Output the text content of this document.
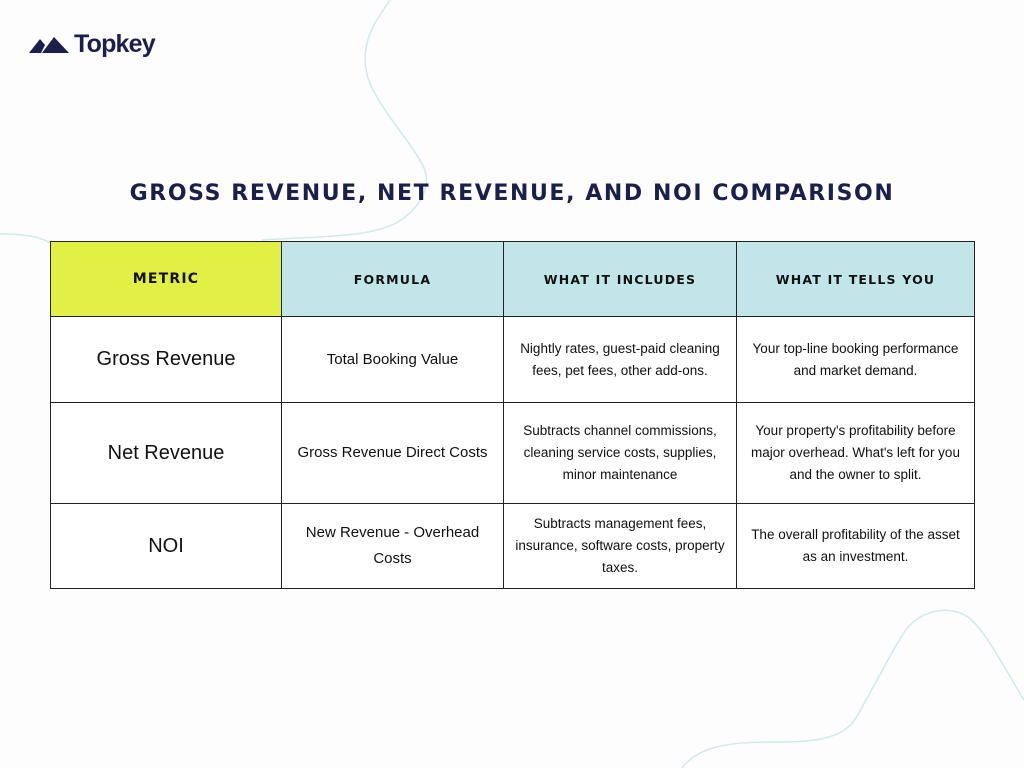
Topkey
GROSS REVENUE, NET REVENUE, AND NOI COMPARISON
METRIC	FORMULA	WHAT IT INCLUDES	WHAT IT TELLS YOU
Gross Revenue	Total Booking Value	Nightly rates, guest-paid cleaning fees, pet fees, other add-ons.	Your top-line booking performance and market demand.
Net Revenue	Gross Revenue Direct Costs	Subtracts channel commissions, cleaning service costs, supplies, minor maintenance	Your property's profitability before major overhead. What's left for you and the owner to split.
NOI	New Revenue - Overhead Costs	Subtracts management fees, insurance, software costs, property taxes.	The overall profitability of the asset as an investment.
